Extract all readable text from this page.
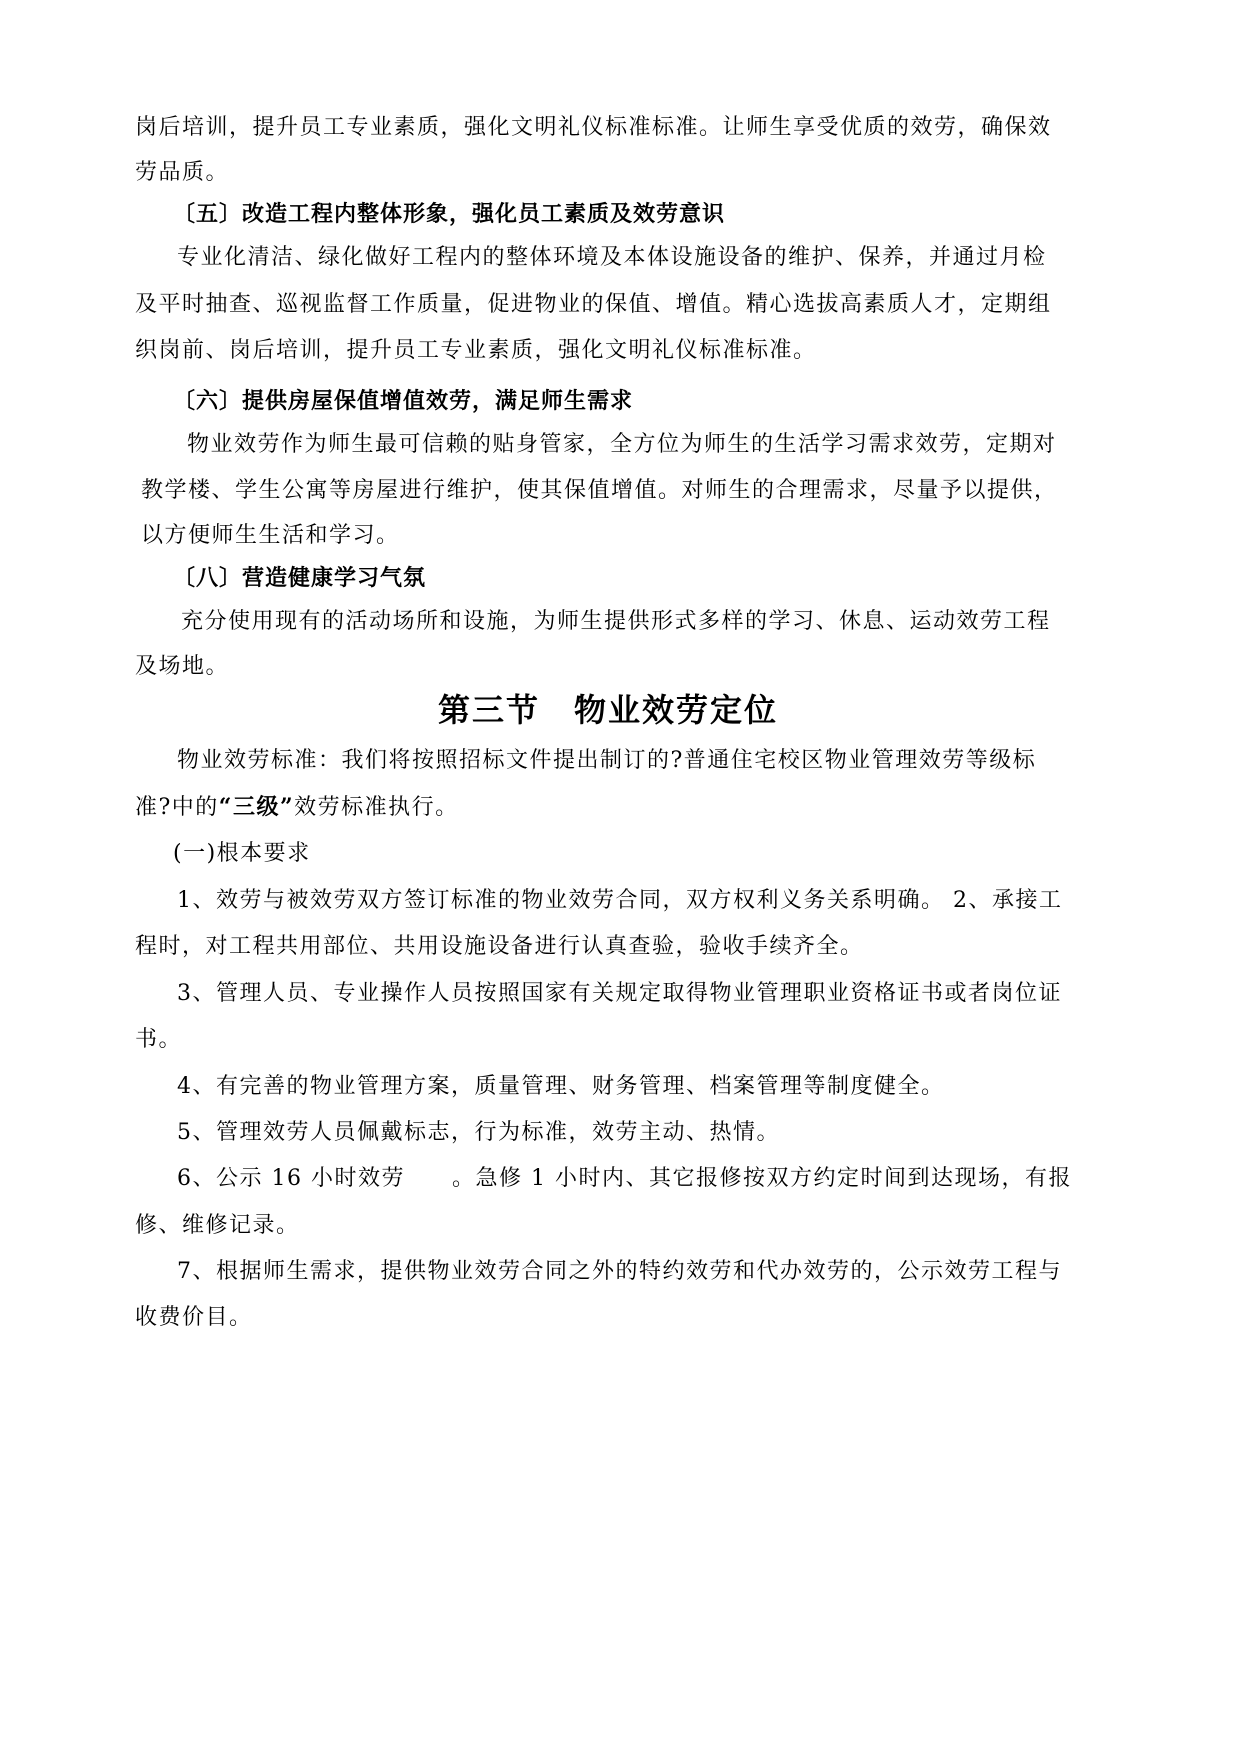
岗后培训，提升员工专业素质，强化文明礼仪标准标准。让师生享受优质的效劳，确保效
劳品质。
〔五〕改造工程内整体形象，强化员工素质及效劳意识
专业化清洁、绿化做好工程内的整体环境及本体设施设备的维护、保养，并通过月检
及平时抽查、巡视监督工作质量，促进物业的保值、增值。精心选拔高素质人才，定期组
织岗前、岗后培训，提升员工专业素质，强化文明礼仪标准标准。
〔六〕提供房屋保值增值效劳，满足师生需求
物业效劳作为师生最可信赖的贴身管家，全方位为师生的生活学习需求效劳，定期对
教学楼、学生公寓等房屋进行维护，使其保值增值。对师生的合理需求，尽量予以提供，
以方便师生生活和学习。
〔八〕营造健康学习气氛
充分使用现有的活动场所和设施，为师生提供形式多样的学习、休息、运动效劳工程
及场地。
第三节　物业效劳定位
物业效劳标准：我们将按照招标文件提出制订的?普通住宅校区物业管理效劳等级标
准?中的“三级”效劳标准执行。
(一)根本要求
1、效劳与被效劳双方签订标准的物业效劳合同，双方权利义务关系明确。 2、承接工
程时，对工程共用部位、共用设施设备进行认真查验，验收手续齐全。
3、管理人员、专业操作人员按照国家有关规定取得物业管理职业资格证书或者岗位证
书。
4、有完善的物业管理方案，质量管理、财务管理、档案管理等制度健全。
5、管理效劳人员佩戴标志，行为标准，效劳主动、热情。
6、公示 16 小时效劳　　。急修 1 小时内、其它报修按双方约定时间到达现场，有报
修、维修记录。
7、根据师生需求，提供物业效劳合同之外的特约效劳和代办效劳的，公示效劳工程与
收费价目。
